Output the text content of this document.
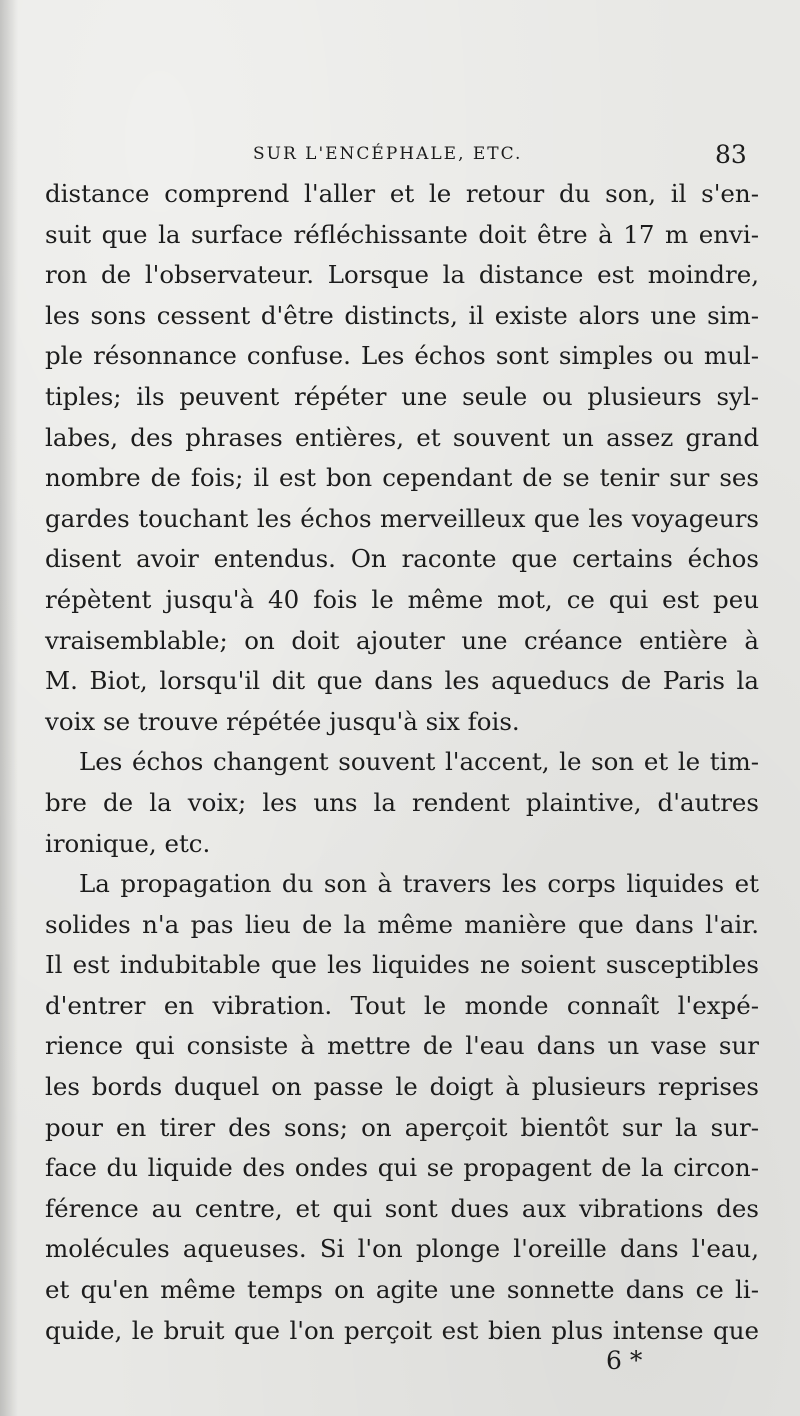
SUR L'ENCÉPHALE, ETC.	83
distance comprend l'aller et le retour du son, il s'en-
suit que la surface réfléchissante doit être à 17 m envi-
ron de l'observateur. Lorsque la distance est moindre,
les sons cessent d'être distincts, il existe alors une sim-
ple résonnance confuse. Les échos sont simples ou mul-
tiples; ils peuvent répéter une seule ou plusieurs syl-
labes, des phrases entières, et souvent un assez grand
nombre de fois; il est bon cependant de se tenir sur ses
gardes touchant les échos merveilleux que les voyageurs
disent avoir entendus. On raconte que certains échos
répètent jusqu'à 40 fois le même mot, ce qui est peu
vraisemblable; on doit ajouter une créance entière à
M. Biot, lorsqu'il dit que dans les aqueducs de Paris la
voix se trouve répétée jusqu'à six fois.
Les échos changent souvent l'accent, le son et le tim-
bre de la voix; les uns la rendent plaintive, d'autres
ironique, etc.
La propagation du son à travers les corps liquides et
solides n'a pas lieu de la même manière que dans l'air.
Il est indubitable que les liquides ne soient susceptibles
d'entrer en vibration. Tout le monde connaît l'expé-
rience qui consiste à mettre de l'eau dans un vase sur
les bords duquel on passe le doigt à plusieurs reprises
pour en tirer des sons; on aperçoit bientôt sur la sur-
face du liquide des ondes qui se propagent de la circon-
férence au centre, et qui sont dues aux vibrations des
molécules aqueuses. Si l'on plonge l'oreille dans l'eau,
et qu'en même temps on agite une sonnette dans ce li-
quide, le bruit que l'on perçoit est bien plus intense que
6 *
